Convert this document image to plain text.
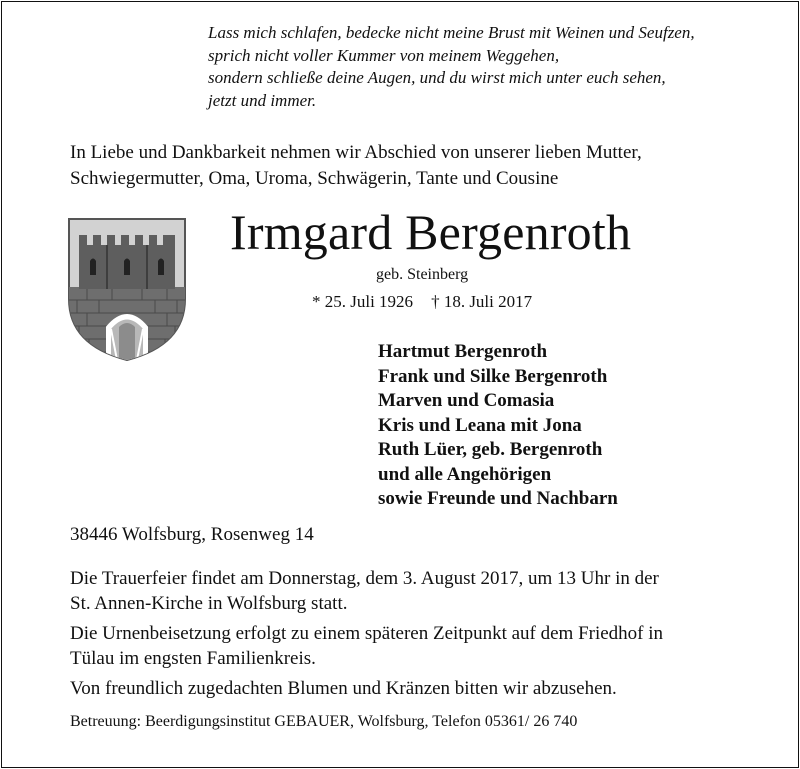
Lass mich schlafen, bedecke nicht meine Brust mit Weinen und Seufzen,
sprich nicht voller Kummer von meinem Weggehen,
sondern schließe deine Augen, und du wirst mich unter euch sehen,
jetzt und immer.
In Liebe und Dankbarkeit nehmen wir Abschied von unserer lieben Mutter,
Schwiegermutter, Oma, Uroma, Schwägerin, Tante und Cousine
Irmgard Bergenroth
geb. Steinberg
* 25. Juli 1926 † 18. Juli 2017
Hartmut Bergenroth
Frank und Silke Bergenroth
Marven und Comasia
Kris und Leana mit Jona
Ruth Lüer, geb. Bergenroth
und alle Angehörigen
sowie Freunde und Nachbarn
38446 Wolfsburg, Rosenweg 14
Die Trauerfeier findet am Donnerstag, dem 3. August 2017, um 13 Uhr in der
St. Annen-Kirche in Wolfsburg statt.
Die Urnenbeisetzung erfolgt zu einem späteren Zeitpunkt auf dem Friedhof in
Tülau im engsten Familienkreis.
Von freundlich zugedachten Blumen und Kränzen bitten wir abzusehen.
Betreuung: Beerdigungsinstitut GEBAUER, Wolfsburg, Telefon 05361/ 26 740
